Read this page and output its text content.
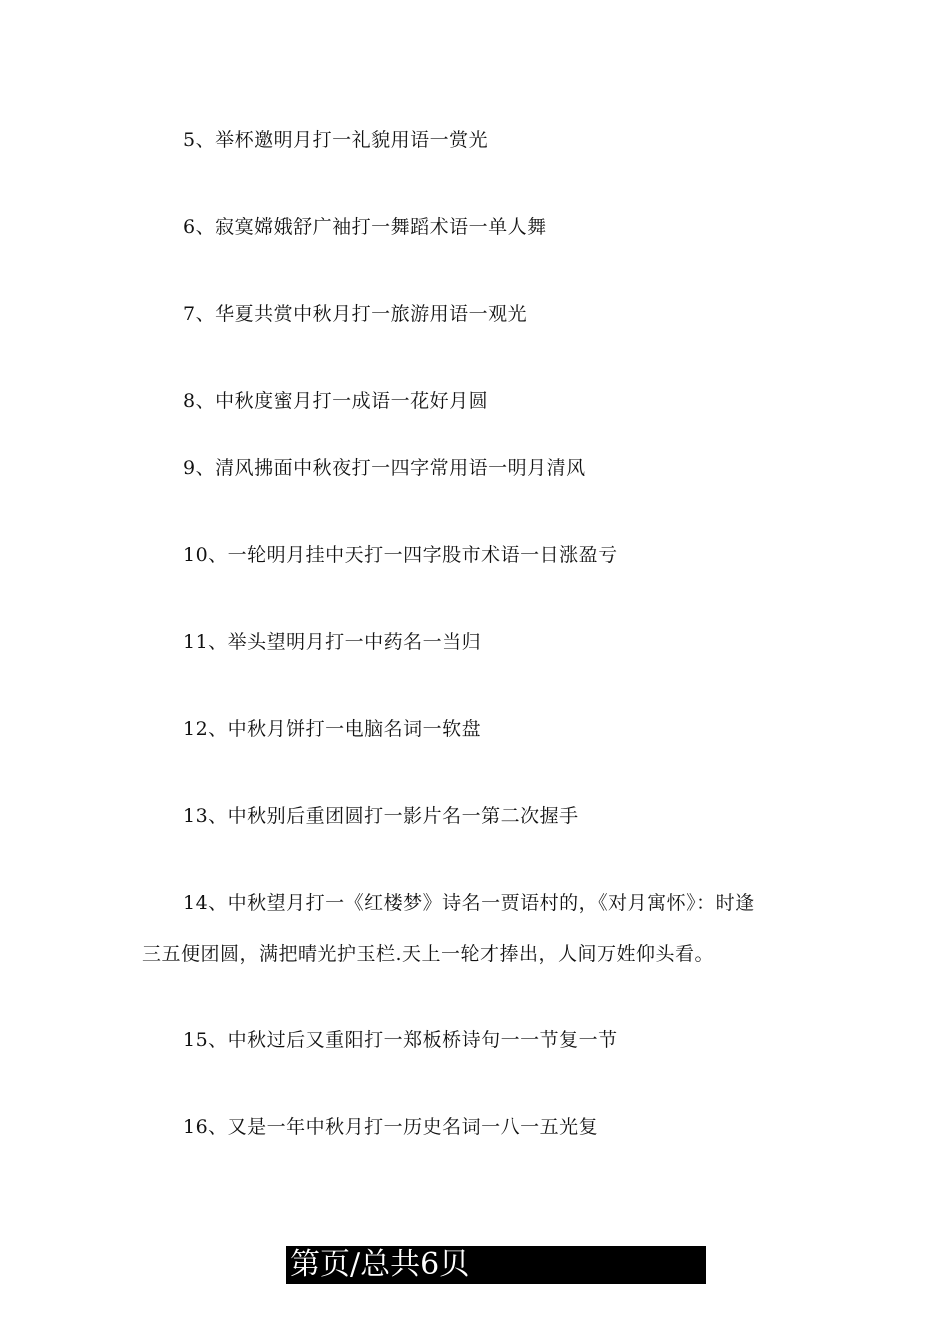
5、举杯邀明月打一礼貌用语一赏光
6、寂寞嫦娥舒广袖打一舞蹈术语一单人舞
7、华夏共赏中秋月打一旅游用语一观光
8、中秋度蜜月打一成语一花好月圆
9、清风拂面中秋夜打一四字常用语一明月清风
10、一轮明月挂中天打一四字股市术语一日涨盈亏
11、举头望明月打一中药名一当归
12、中秋月饼打一电脑名词一软盘
13、中秋别后重团圆打一影片名一第二次握手
14、中秋望月打一《红楼梦》诗名一贾语村的，《对月寓怀》：时逢
三五便团圆，满把晴光护玉栏.天上一轮才捧出，人间万姓仰头看。
15、中秋过后又重阳打一郑板桥诗句一一节复一节
16、又是一年中秋月打一历史名词一八一五光复
第页/总共6贝
